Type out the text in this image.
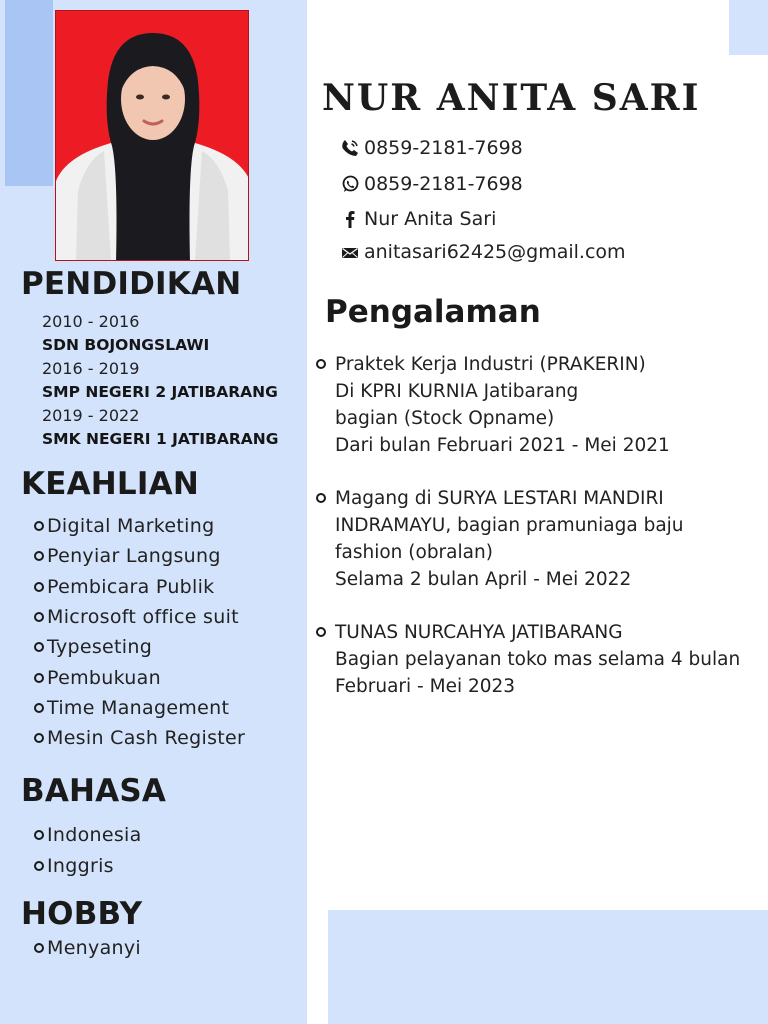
PENDIDIKAN
2010 - 2016
SDN BOJONGSLAWI
2016 - 2019
SMP NEGERI 2 JATIBARANG
2019 - 2022
SMK NEGERI 1 JATIBARANG
KEAHLIAN
Digital Marketing
Penyiar Langsung
Pembicara Publik
Microsoft office suit
Typeseting
Pembukuan
Time Management
Mesin Cash Register
BAHASA
Indonesia
Inggris
HOBBY
Menyanyi
NUR ANITA SARI
0859-2181-7698
0859-2181-7698
Nur Anita Sari
anitasari62425@gmail.com
Pengalaman
Praktek Kerja Industri (PRAKERIN)
Di KPRI KURNIA Jatibarang
bagian (Stock Opname)
Dari bulan Februari 2021 - Mei 2021
Magang di SURYA LESTARI MANDIRI
INDRAMAYU, bagian pramuniaga baju
fashion (obralan)
Selama 2 bulan April - Mei 2022
TUNAS NURCAHYA JATIBARANG
Bagian pelayanan toko mas selama 4 bulan
Februari - Mei 2023
